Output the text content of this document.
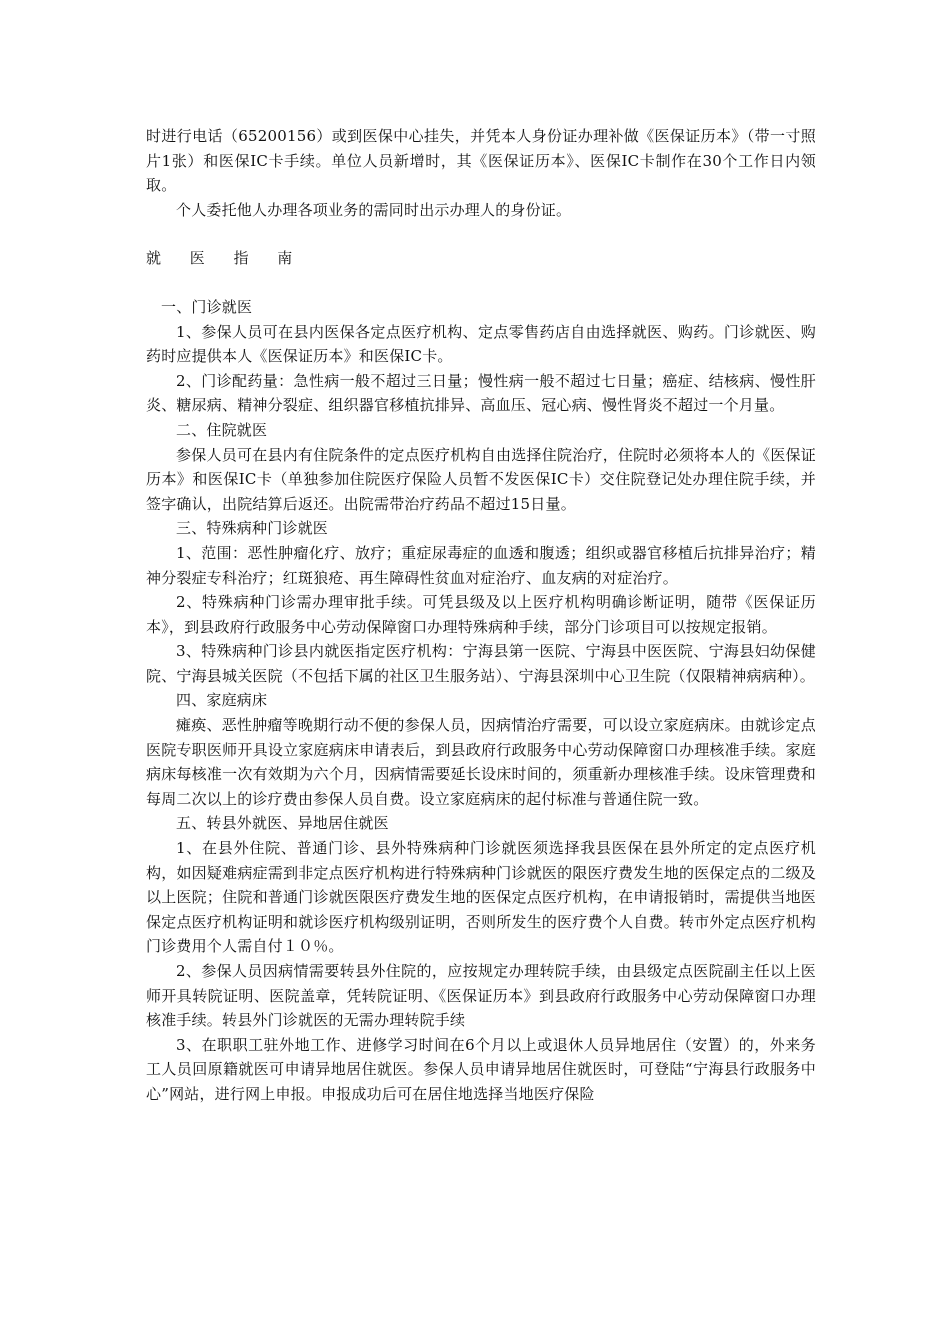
时进行电话（65200156）或到医保中心挂失，并凭本人身份证办理补做《医保证历本》（带一寸照片1张）和医保IC卡手续。单位人员新增时，其《医保证历本》、医保IC卡制作在30个工作日内领取。

个人委托他人办理各项业务的需同时出示办理人的身份证。

就 医 指 南

一、门诊就医

1、参保人员可在县内医保各定点医疗机构、定点零售药店自由选择就医、购药。门诊就医、购药时应提供本人《医保证历本》和医保IC卡。

2、门诊配药量：急性病一般不超过三日量；慢性病一般不超过七日量；癌症、结核病、慢性肝炎、糖尿病、精神分裂症、组织器官移植抗排异、高血压、冠心病、慢性肾炎不超过一个月量。

二、住院就医

参保人员可在县内有住院条件的定点医疗机构自由选择住院治疗，住院时必须将本人的《医保证历本》和医保IC卡（单独参加住院医疗保险人员暂不发医保IC卡）交住院登记处办理住院手续，并签字确认，出院结算后返还。出院需带治疗药品不超过15日量。

三、特殊病种门诊就医

1、范围：恶性肿瘤化疗、放疗；重症尿毒症的血透和腹透；组织或器官移植后抗排异治疗；精神分裂症专科治疗；红斑狼疮、再生障碍性贫血对症治疗、血友病的对症治疗。

2、特殊病种门诊需办理审批手续。可凭县级及以上医疗机构明确诊断证明，随带《医保证历本》，到县政府行政服务中心劳动保障窗口办理特殊病种手续，部分门诊项目可以按规定报销。

3、特殊病种门诊县内就医指定医疗机构：宁海县第一医院、宁海县中医医院、宁海县妇幼保健院、宁海县城关医院（不包括下属的社区卫生服务站）、宁海县深圳中心卫生院（仅限精神病病种）。

四、家庭病床

瘫痪、恶性肿瘤等晚期行动不便的参保人员，因病情治疗需要，可以设立家庭病床。由就诊定点医院专职医师开具设立家庭病床申请表后，到县政府行政服务中心劳动保障窗口办理核准手续。家庭病床每核准一次有效期为六个月，因病情需要延长设床时间的，须重新办理核准手续。设床管理费和每周二次以上的诊疗费由参保人员自费。设立家庭病床的起付标准与普通住院一致。

五、转县外就医、异地居住就医

1、在县外住院、普通门诊、县外特殊病种门诊就医须选择我县医保在县外所定的定点医疗机构，如因疑难病症需到非定点医疗机构进行特殊病种门诊就医的限医疗费发生地的医保定点的二级及以上医院；住院和普通门诊就医限医疗费发生地的医保定点医疗机构，在申请报销时，需提供当地医保定点医疗机构证明和就诊医疗机构级别证明，否则所发生的医疗费个人自费。转市外定点医疗机构门诊费用个人需自付１０％。

2、参保人员因病情需要转县外住院的，应按规定办理转院手续，由县级定点医院副主任以上医师开具转院证明、医院盖章，凭转院证明、《医保证历本》到县政府行政服务中心劳动保障窗口办理核准手续。转县外门诊就医的无需办理转院手续

3、在职职工驻外地工作、进修学习时间在6个月以上或退休人员异地居住（安置）的，外来务工人员回原籍就医可申请异地居住就医。参保人员申请异地居住就医时，可登陆“宁海县行政服务中心”网站，进行网上申报。申报成功后可在居住地选择当地医疗保险
